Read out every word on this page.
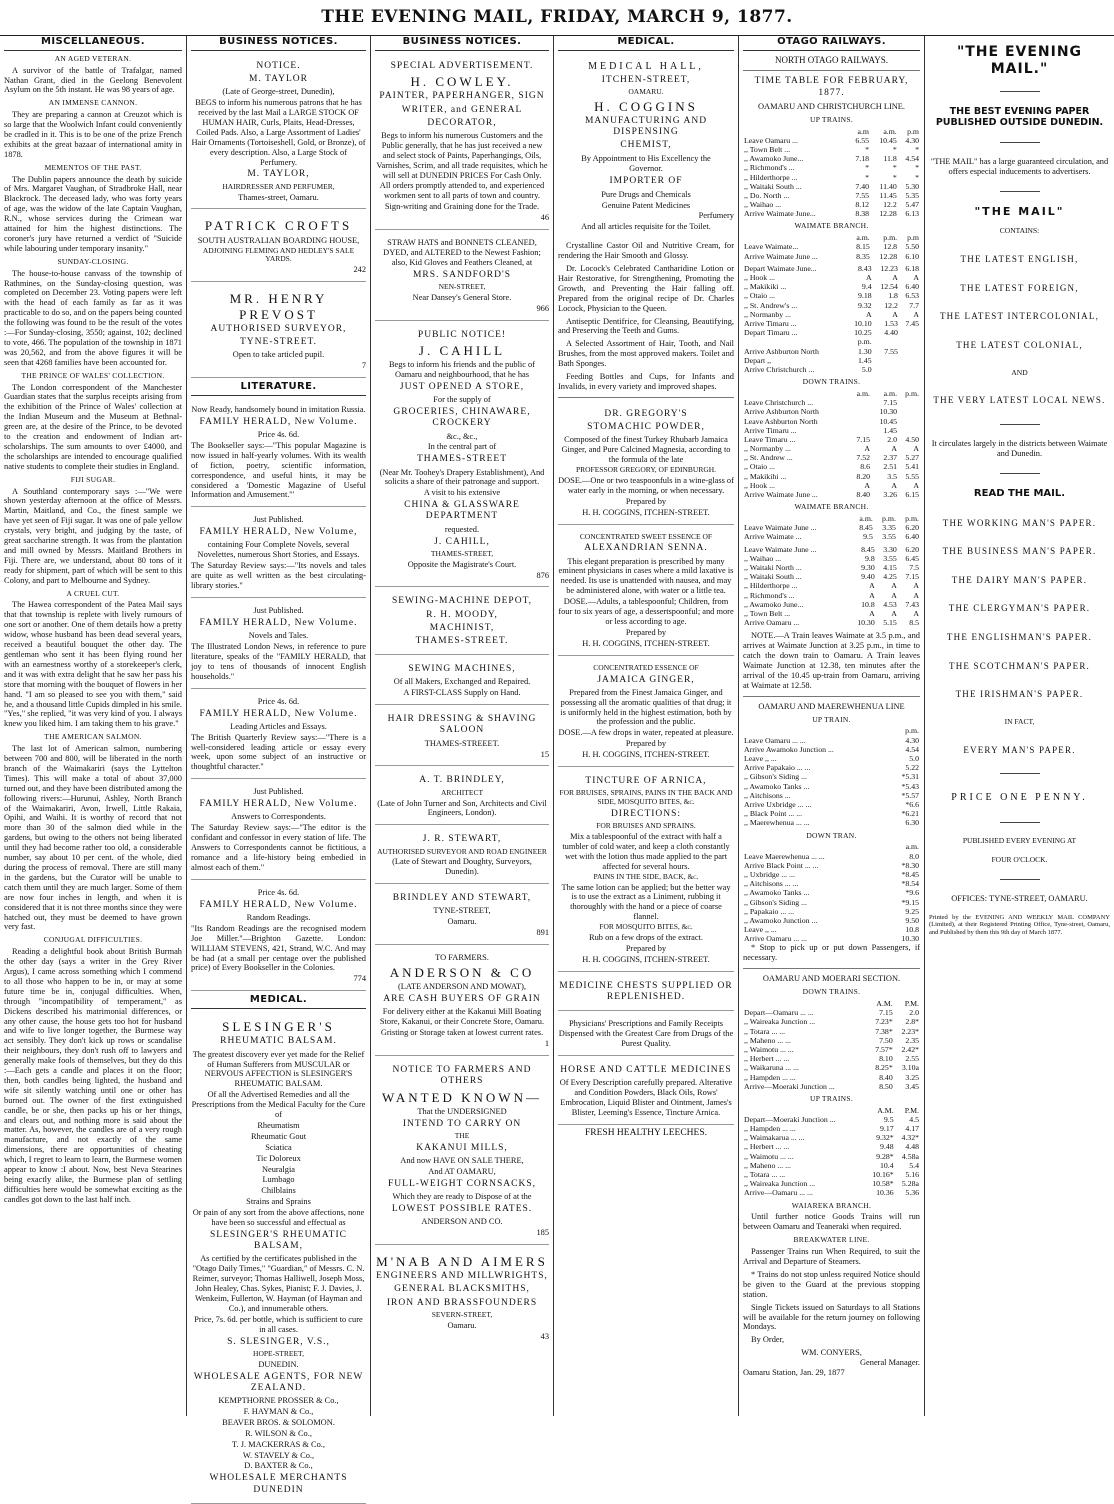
THE EVENING MAIL, FRIDAY, MARCH 9, 1877.
MISCELLANEOUS.
AN AGED VETERAN.

A survivor of the battle of Trafalgar, named Nathan Grant, died in the Geelong Benevolent Asylum on the 5th instant. He was 98 years of age.

AN IMMENSE CANNON.

They are preparing a cannon at Creuzot which is so large that the Woolwich Infant could conveniently be cradled in it. This is to be one of the prize French exhibits at the great bazaar of international amity in 1878.

MEMENTOS OF THE PAST.

The Dublin papers announce the death by suicide of Mrs. Margaret Vaughan, of Stradbroke Hall, near Blackrock. The deceased lady, who was forty years of age, was the widow of the late Captain Vaughan, R.N., whose services during the Crimean war attained for him the highest distinctions. The coroner's jury have returned a verdict of "Suicide while labouring under temporary insanity."

SUNDAY-CLOSING.

The house-to-house canvass of the township of Rathmines, on the Sunday-closing question, was completed on December 23. Voting papers were left with the head of each family as far as it was practicable to do so, and on the papers being counted the following was found to be the result of the votes :—For Sunday-closing, 3550; against, 102; declined to vote, 466. The population of the township in 1871 was 20,562, and from the above figures it will be seen that 4268 families have been accounted for.

THE PRINCE OF WALES' COLLECTION.

The London correspondent of the Manchester Guardian states that the surplus receipts arising from the exhibition of the Prince of Wales' collection at the Indian Museum and the Museum at Bethnal-green are, at the desire of the Prince, to be devoted to the creation and endowment of Indian art-scholarships. The sum amounts to over £4000, and the scholarships are intended to encourage qualified native students to complete their studies in England.

FIJI SUGAR.

A Southland contemporary says :—"We were shown yesterday afternoon at the office of Messrs. Martin, Maitland, and Co., the finest sample we have yet seen of Fiji sugar. It was one of pale yellow crystals, very bright, and judging by the taste, of great saccharine strength. It was from the plantation and mill owned by Messrs. Maitland Brothers in Fiji. There are, we understand, about 80 tons of it ready for shipment, part of which will be sent to this Colony, and part to Melbourne and Sydney.

A CRUEL CUT.

The Hawea correspondent of the Patea Mail says that that township is replete with lively rumours of one sort or another. One of them details how a pretty widow, whose husband has been dead several years, received a beautiful bouquet the other day. The gentleman who sent it has been flying round her with an earnestness worthy of a storekeeper's clerk, and it was with extra delight that he saw her pass his store that morning with the bouquet of flowers in her hand. "I am so pleased to see you with them," said he, and a thousand little Cupids dimpled in his smile. "Yes," she replied, "it was very kind of you. I always knew you liked him. I am taking them to his grave."

THE AMERICAN SALMON.

The last lot of American salmon, numbering between 700 and 800, will be liberated in the north branch of the Waimakariri (says the Lyttelton Times). This will make a total of about 37,000 turned out, and they have been distributed among the following rivers:—Hurunui, Ashley, North Branch of the Waimakariri, Avon, Irwell, Little Rakaia, Opihi, and Waihi. It is worthy of record that not more than 30 of the salmon died while in the gardens, but owing to the others not being liberated until they had become rather too old, a considerable number, say about 10 per cent. of the whole, died during the process of removal. There are still many in the gardens, but the Curator will be unable to catch them until they are much larger. Some of them are now four inches in length, and when it is considered that it is not three months since they were hatched out, they must be deemed to have grown very fast.

CONJUGAL DIFFICULTIES.

Reading a delightful book about British Burmah the other day (says a writer in the Grey River Argus), I came across something which I commend to all those who happen to be in, or may at some future time be in, conjugal difficulties. When, through "incompatibility of temperament," as Dickens described his matrimonial differences, or any other cause, the house gets too hot for husband and wife to live longer together, the Burmese way act sensibly. They don't kick up rows or scandalise their neighbours, they don't rush off to lawyers and generally make fools of themselves, but they do this :—Each gets a candle and places it on the floor; then, both candles being lighted, the husband and wife sit silently watching until one or other has burned out. The owner of the first extinguished candle, be or she, then packs up his or her things, and clears out, and nothing more is said about the matter. As, however, the candles are of a very rough manufacture, and not exactly of the same dimensions, there are opportunities of cheating which, I regret to learn to learn, the Burmese women appear to know :I about. Now, best Neva Stearines being exactly alike, the Burmese plan of settling difficulties here would be somewhat exciting as the candles got down to the last half inch.

BUSINESS NOTICES.
NOTICE.
M. TAYLOR
(Late of George-street, Dunedin),
BEGS to inform his numerous patrons that he has received by the last Mail a LARGE STOCK OF HUMAN HAIR, Curls, Plaits, Head-Dresses, Coiled Pads. Also, a Large Assortment of Ladies' Hair Ornaments (Tortoiseshell, Gold, or Bronze), of every description. Also, a Large Stock of Perfumery.
M. TAYLOR,
HAIRDRESSER AND PERFUMER,
Thames-street, Oamaru.
PATRICK CROFTS
SOUTH AUSTRALIAN BOARDING HOUSE,
ADJOINING FLEMING AND HEDLEY'S SALE YARDS.
242
MR. HENRY PREVOST
AUTHORISED SURVEYOR,
TYNE-STREET.
Open to take articled pupil.
7
LITERATURE.
Now Ready, handsomely bound in imitation Russia.
FAMILY HERALD, New Volume.
Price 4s. 6d.
The Bookseller says:—"This popular Magazine is now issued in half-yearly volumes. With its wealth of fiction, poetry, scientific information, correspondence, and useful hints, it may be considered a 'Domestic Magazine of Useful Information and Amusement.'"
Just Published.
FAMILY HERALD, New Volume,
containing Four Complete Novels, several Novelettes, numerous Short Stories, and Essays.
The Saturday Review says:—"Its novels and tales are quite as well written as the best circulating-library stories."
Just Published.
FAMILY HERALD, New Volume.
Novels and Tales.
The Illustrated London News, in reference to pure literature, speaks of the "FAMILY HERALD, that joy to tens of thousands of innocent English households."
Price 4s. 6d.
FAMILY HERALD, New Volume.
Leading Articles and Essays.
The British Quarterly Review says:—"There is a well-considered leading article or essay every week, upon some subject of an instructive or thoughtful character."
Just Published.
FAMILY HERALD, New Volume.
Answers to Correspondents.
The Saturday Review says:—"The editor is the confidant and confessor in every station of life. The Answers to Correspondents cannot be fictitious, a romance and a life-history being embedied in almost each of them."
Price 4s. 6d.
FAMILY HERALD, New Volume.
Random Readings.
"Its Random Readings are the recognised modern Joe Miller."—Brighton Gazette. London: WILLIAM STEVENS, 421, Strand, W.C. And may be had (at a small per centage over the published price) of Every Bookseller in the Colonies.
774
MEDICAL.
SLESINGER'S
RHEUMATIC BALSAM.
The greatest discovery ever yet made for the Relief of Human Sufferers from MUSCULAR or NERVOUS AFFECTION is SLESINGER'S RHEUMATIC BALSAM.
Of all the Advertised Remedies and all the Prescriptions from the Medical Faculty for the Cure of
Rheumatism
Rheumatic Gout
Sciatica
Tic Doloreux
Neuralgia
Lumbago
Chilblains
Strains and Sprains
Or pain of any sort from the above affections, none have been so successful and effectual as
SLESINGER'S RHEUMATIC BALSAM,
As certified by the certificates published in the "Otago Daily Times," "Guardian," of Messrs. C. N. Reimer, surveyor; Thomas Halliwell, Joseph Moss, John Healey, Chas. Sykes, Pianist; F. J. Davies, J. Wenkeim, Fullerton, W. Hayman (of Hayman and Co.), and innumerable others.
Price, 7s. 6d. per bottle, which is sufficient to cure in all cases.
S. SLESINGER, V.S.,
HOPE-STREET,
DUNEDIN.
WHOLESALE AGENTS, FOR NEW ZEALAND.
KEMPTHORNE PROSSER & Co.,
F. HAYMAN & Co.,
BEAVER BROS. & SOLOMON.
R. WILSON & Co.,
T. J. MACKERRAS & Co.,
W. STAVELY & Co.,
D. BAXTER & Co.,
WHOLESALE MERCHANTS DUNEDIN
BUSINESS NOTICES.
SPECIAL ADVERTISEMENT.
H. COWLEY.
PAINTER, PAPERHANGER, SIGN
WRITER, and GENERAL
DECORATOR,
Begs to inform his numerous Customers and the Public generally, that he has just received a new and select stock of Paints, Paperhangings, Oils, Varnishes, Scrim, and all trade requisites, which he will sell at DUNEDIN PRICES For Cash Only.
All orders promptly attended to, and experienced workmen sent to all parts of town and country.
Sign-writing and Graining done for the Trade.
46
STRAW HATS and BONNETS CLEANED, DYED, and ALTERED to the Newest Fashion; also, Kid Gloves and Feathers Cleaned, at
MRS. SANDFORD'S
NEN-STREET,
Near Dansey's General Store.
966
PUBLIC NOTICE!
J. CAHILL
Begs to inform his friends and the public of Oamaru and neighbourhood, that he has
JUST OPENED A STORE,
For the supply of
GROCERIES, CHINAWARE, CROCKERY
&c., &c.,
In the central part of
THAMES-STREET
(Near Mr. Toohey's Drapery Establishment), And solicits a share of their patronage and support.
A visit to his extensive
CHINA & GLASSWARE DEPARTMENT
requested.
J. CAHILL,
THAMES-STREET,
Opposite the Magistrate's Court.
876
SEWING-MACHINE DEPOT,
R. H. MOODY,
MACHINIST,
THAMES-STREET.
SEWING MACHINES,
Of all Makers, Exchanged and Repaired.
A FIRST-CLASS Supply on Hand.
HAIR DRESSING & SHAVING SALOON
THAMES-STREEET.
15
A. T. BRINDLEY,
ARCHITECT
(Late of John Turner and Son, Architects and Civil Engineers, London).
J. R. STEWART,
AUTHORISED SURVEYOR AND ROAD ENGINEER
(Late of Stewart and Doughty, Surveyors, Dunedin).
BRINDLEY AND STEWART,
TYNE-STREET,
Oamaru.
891
TO FARMERS.
ANDERSON & CO
(LATE ANDERSON AND MOWAT),
ARE CASH BUYERS OF GRAIN
For delivery either at the Kakanui Mill Boating Store, Kakanui, or their Concrete Store, Oamaru.
Gristing or Storage taken at lowest current rates.
1
NOTICE TO FARMERS AND OTHERS
WANTED KNOWN—
That the UNDERSIGNED
INTEND TO CARRY ON
THE
KAKANUI MILLS,
And now HAVE ON SALE THERE,
And AT OAMARU,
FULL-WEIGHT CORNSACKS,
Which they are ready to Dispose of at the
LOWEST POSSIBLE RATES.
ANDERSON AND CO.
185
M'NAB AND AIMERS
ENGINEERS AND MILLWRIGHTS,
GENERAL BLACKSMITHS,
IRON AND BRASSFOUNDERS
SEVERN-STREET,
Oamaru.
43
MEDICAL.
MEDICAL HALL,
ITCHEN-STREET,
OAMARU.
H. COGGINS
MANUFACTURING AND DISPENSING
CHEMIST,
By Appointment to His Excellency the
Governor.
IMPORTER OF
Pure Drugs and Chemicals
Genuine Patent Medicines
Perfumery
And all articles requisite for the Toilet.

Crystalline Castor Oil and Nutritive Cream, for rendering the Hair Smooth and Glossy.

Dr. Locock's Celebrated Cantharidine Lotion or Hair Restorative, for Strengthening, Promoting the Growth, and Preventing the Hair falling off. Prepared from the original recipe of Dr. Charles Locock, Physician to the Queen.

Antiseptic Dentifrice, for Cleansing, Beautifying, and Preserving the Teeth and Gums.

A Selected Assortment of Hair, Tooth, and Nail Brushes, from the most approved makers. Toilet and Bath Sponges.

Feeding Bottles and Cups, for Infants and Invalids, in every variety and improved shapes.

DR. GREGORY'S
STOMACHIC POWDER,
Composed of the finest Turkey Rhubarb Jamaica Ginger, and Pure Calcined Magnesia, according to the formula of the late
PROFESSOR GREGORY, OF EDINBURGH.
DOSE.—One or two teaspoonfuls in a wine-glass of water early in the morning, or when necessary.
Prepared by
H. H. COGGINS, ITCHEN-STREET.
CONCENTRATED SWEET ESSENCE OF
ALEXANDRIAN SENNA.
This elegant preparation is prescribed by many eminent physicians in cases where a mild laxative is needed. Its use is unattended with nausea, and may be administered alone, with water or a little tea.
DOSE.—Adults, a tablespoonful; Children, from four to six years of age, a dessertspoonful; and more or less according to age.
Prepared by
H. H. COGGINS, ITCHEN-STREET.
CONCENTRATED ESSENCE OF
JAMAICA GINGER,
Prepared from the Finest Jamaica Ginger, and possessing all the aromatic qualities of that drug; it is uniformly held in the highest estimation, both by the profession and the public.
DOSE.—A few drops in water, repeated at pleasure.
Prepared by
H. H. COGGINS, ITCHEN-STREET.
TINCTURE OF ARNICA,
FOR BRUISES, SPRAINS, PAINS IN THE BACK AND SIDE, MOSQUITO BITES, &c.
DIRECTIONS:
FOR BRUISES AND SPRAINS.
Mix a tablespoonful of the extract with half a tumbler of cold water, and keep a cloth constantly wet with the lotion thus made applied to the part affected for several hours.
PAINS IN THE SIDE, BACK, &c.
The same lotion can be applied; but the better way is to use the extract as a Liniment, rubbing it thoroughly with the hand or a piece of coarse flannel.
FOR MOSQUITO BITES, &c.
Rub on a few drops of the extract.
Prepared by
H. H. COGGINS, ITCHEN-STREET.
MEDICINE CHESTS SUPPLIED OR REPLENISHED.
Physicians' Prescriptions and Family Receipts Dispensed with the Greatest Care from Drugs of the Purest Quality.
HORSE AND CATTLE MEDICINES
Of Every Description carefully prepared. Alterative and Condition Powders, Black Oils, Rows' Embrocation, Liquid Blister and Ointment, James's Blister, Leeming's Essence, Tincture Arnica.
FRESH HEALTHY LEECHES.
OTAGO RAILWAYS.
NORTH OTAGO RAILWAYS.
TIME TABLE FOR FEBRUARY, 1877.
OAMARU AND CHRISTCHURCH LINE.
UP TRAINS.
	a.m	a.m.	p.m
Leave Oamaru ...	6.55	10.45	4.30
,, Town Belt ...	*	*	*
,, Awamoko June...	7.18	11.8	4.54
,, Richmond's ...	*	*	*
,, Hilderthorpe ...	*	*	*
,, Waitaki South ...	7.40	11.40	5.30
,, Do. North ...	7.55	11.45	5.35
,, Waihao ...	8.12	12.2	5.47
Arrive Waimate June...	8.38	12.28	6.13
WAIMATE BRANCH.
	a.m.	p.m.	p.m
Leave Waimate...	8.15	12.8	5.50
Arrive Waimate June ...	8.35	12.28	6.10
Depart Waimate June...	8.43	12.23	6.18
,, Hook ...	A	A	A
,, Makikiki ...	9.4	12.54	6.40
,, Otaio ...	9.18	1.8	6.53
,, St. Andrew's ...	9.32	12.2	7.7
,, Normanby ...	A	A	A
Arrive Timaru ...	10.10	1.53	7.45
Depart Timaru ...	10.25	4.40	
	p.m.		
Arrive Ashburton North	1.30	7.55	
Depart ,,	1.45		
Arrive Christchurch ...	5.0		
DOWN TRAINS.
	a.m.	a.m.	p.m.
Leave Christchurch ...		7.15	
Arrive Ashburton North		10.30	
Leave Ashburton North		10.45	
Arrive Timaru ...		1.45	
Leave Timaru ...	7.15	2.0	4.50
,, Normanby ...	A	A	A
,, St. Andrew ...	7.52	2.37	5.27
,, Otaio ...	8.6	2.51	5.41
,, Makikihi ...	8.20	3.5	5.55
,, Hook ...	A	A	A
Arrive Waimate June ...	8.40	3.26	6.15
WAIMATE BRANCH.
	a.m.	p.m.	p.m.
Leave Waimate June ...	8.45	3.35	6.20
Arrive Waimate ...	9.5	3.55	6.40
Leave Waimate June ...	8.45	3.30	6.20
,, Waihao ...	9.8	3.55	6.45
,, Waitaki North ...	9.30	4.15	7.5
,, Waitaki South ...	9.40	4.25	7.15
,, Hilderthorpe ...	A	A	A
,, Richmond's ...	A	A	A
,, Awamoko June...	10.8	4.53	7.43
,, Town Belt ...	A	A	A
Arrive Oamaru ...	10.30	5.15	8.5

NOTE.—A Train leaves Waimate at 3.5 p.m., and arrives at Waimate Junction at 3.25 p.m., in time to catch the down train to Oamaru. A Train leaves Waimate Junction at 12.38, ten minutes after the arrival of the 10.45 up-train from Oamaru, arriving at Waimate at 12.58.

OAMARU AND MAEREWHENUA LINE
UP TRAIN.
	p.m.
Leave Oamaru ... ...	4.30
Arrive Awamoko Junction ...	4.54
Leave ,, ...	5.0
Arrive Papakaio ... ...	5.22
,, Gibson's Siding ...	*5.31
,, Awamoko Tanks ...	*5.43
,, Aitchisons ...	*5.57
Arrive Uxbridge ... ...	*6.6
,, Black Point ... ...	*6.21
,, Maerewhenua ... ...	6.30
DOWN TRAN.
	a.m.
Leave Maerewhenua ... ...	8.0
Arrive Black Point ... ...	*8.30
,, Uxbridge ... ...	*8.45
,, Aitchisons ... ...	*8.54
,, Awamoko Tanks ...	*9.6
,, Gibson's Siding ...	*9.15
,, Papakaio ... ...	9.25
,, Awamoko Junction ...	9.50
Leave ,, ...	10.8
Arrive Oamaru ... ...	10.30

* Stop to pick up or put down Passengers, if necessary.

OAMARU AND MOERARI SECTION.
DOWN TRAINS.
	A.M.	P.M.
Depart—Oamaru ... ...	7.15	2.0
,, Waireaka Junction ...	7.23*	2.8*
,, Totara ... ...	7.38*	2.23*
,, Maheno ... ...	7.50	2.35
,, Waimotu ... ...	7.57*	2.42*
,, Herbert ... ...	8.10	2.55
,, Waikaruna ... ...	8.25*	3.10a
,, Hampden ... ...	8.40	3.25
Arrive—Moeraki Junction ...	8.50	3.45
UP TRAINS.
	A.M.	P.M.
Depart—Moeraki Junction ...	9.5	4.5
,, Hampden ... ...	9.17	4.17
,, Waimakarua ... ...	9.32*	4.32*
,, Herbert ... ...	9.48	4.48
,, Waimotu ... ...	9.28*	4.58a
,, Maheno ... ...	10.4	5.4
,, Totara ... ...	10.16*	5.16
,, Waireaka Junction ...	10.58*	5.28a
Arrive—Oamaru ... ...	10.36	5.36
WAIAREKA BRANCH.

Until further notice Goods Trains will run between Oamaru and Teaneraki when required.

BREAKWATER LINE.

Passenger Trains run When Required, to suit the Arrival and Departure of Steamers.

* Trains do not stop unless required Notice should be given to the Guard at the previous stopping station.

Single Tickets issued on Saturdays to all Stations will be available for the return journey on following Mondays.

By Order,

WM. CONYERS,
General Manager.
Oamaru Station, Jan. 29, 1877
"THE EVENING MAIL."
THE BEST EVENING PAPER PUBLISHED OUTSIDE DUNEDIN.
"THE MAIL" has a large guaranteed circulation, and offers especial inducements to advertisers.
"THE MAIL"
CONTAINS:
THE LATEST ENGLISH,
THE LATEST FOREIGN,
THE LATEST INTERCOLONIAL,
THE LATEST COLONIAL,
AND
THE VERY LATEST LOCAL NEWS.
It circulates largely in the districts between Waimate and Dunedin.
READ THE MAIL.
THE WORKING MAN'S PAPER.
THE BUSINESS MAN'S PAPER.
THE DAIRY MAN'S PAPER.
THE CLERGYMAN'S PAPER.
THE ENGLISHMAN'S PAPER.
THE SCOTCHMAN'S PAPER.
THE IRISHMAN'S PAPER.
IN FACT,
EVERY MAN'S PAPER.
PRICE ONE PENNY.
PUBLISHED EVERY EVENING AT
FOUR O'CLOCK.
OFFICES: TYNE-STREET, OAMARU.
Printed by the EVENING AND WEEKLY MAIL COMPANY (Limited), at their Registered Printing Office, Tyne-street, Oamaru, and Published by them this 9th day of March 1877.
